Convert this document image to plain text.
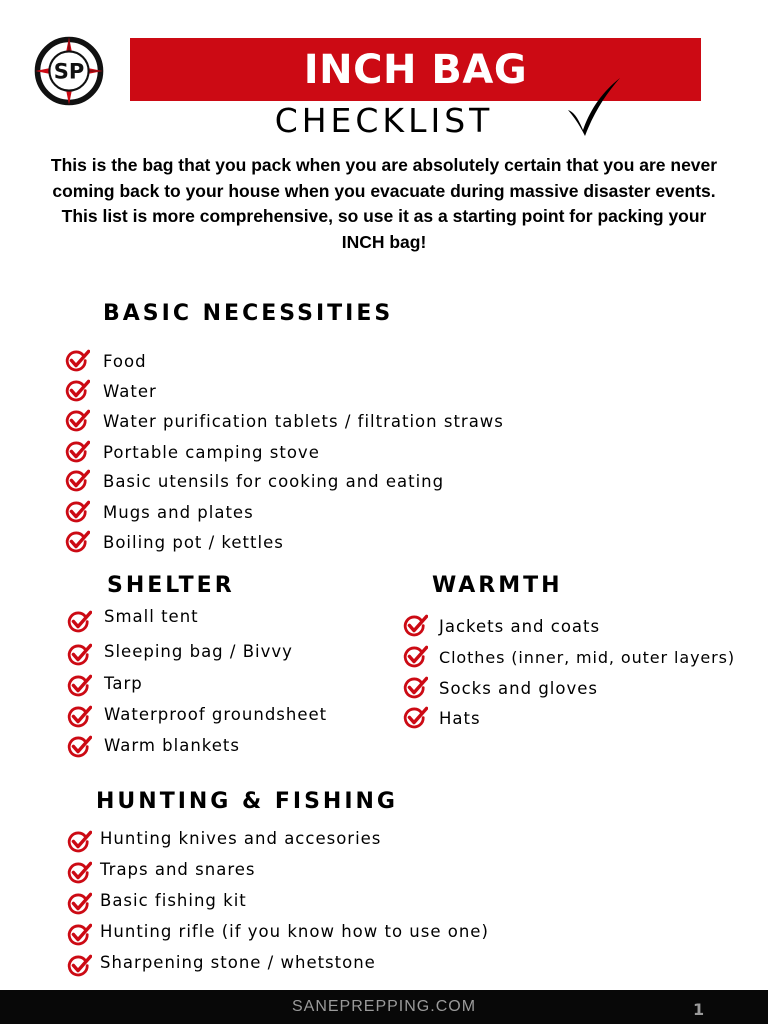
SP	INCH BAG
CHECKLIST
This is the bag that you pack when you are absolutely certain that you are never coming back to your house when you evacuate during massive disaster events. This list is more comprehensive, so use it as a starting point for packing your INCH bag!
BASIC NECESSITIES
SHELTER	WARMTH
HUNTING & FISHING
Food
Water
Water purification tablets / filtration straws
Portable camping stove
Basic utensils for cooking and eating
Mugs and plates
Boiling pot / kettles
Small tent
Sleeping bag / Bivvy
Tarp
Waterproof groundsheet
Warm blankets
Jackets and coats
Clothes (inner, mid, outer layers)
Socks and gloves
Hats
Hunting knives and accesories
Traps and snares
Basic fishing kit
Hunting rifle (if you know how to use one)
Sharpening stone / whetstone
SANEPREPPING.COM	1
